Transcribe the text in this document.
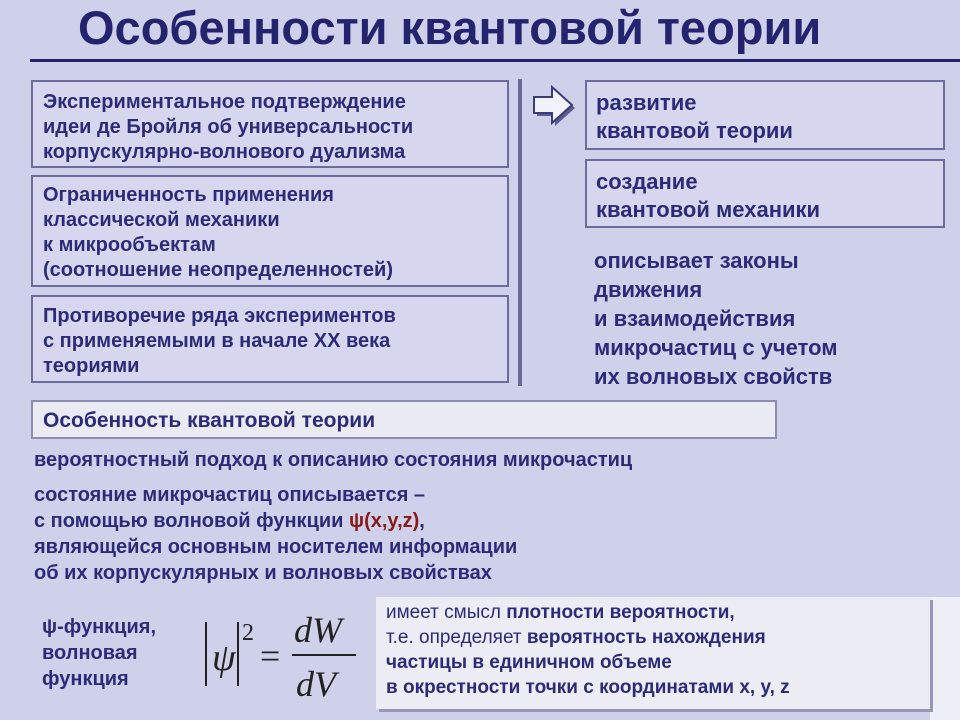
Особенности квантовой теории
Экспериментальное подтверждение
идеи де Бройля об универсальности
корпускулярно-волнового дуализма
Ограниченность применения
классической механики
к микрообъектам
(соотношение неопределенностей)
Противоречие ряда экспериментов
с применяемыми в начале XX века
теориями
развитие
квантовой теории
создание
квантовой механики
описывает законы
движения
и взаимодействия
микрочастиц с учетом
их волновых свойств
Особенность квантовой теории
вероятностный подход к описанию состояния микрочастиц
состояние микрочастиц описывается –
с помощью волновой функции ψ(x,y,z),
являющейся основным носителем информации
об их корпускулярных и волновых свойствах
ψ-функция,
волновая
функция	ψ
2
=
dW
dV
имеет смысл плотности вероятности,
т.е. определяет вероятность нахождения
частицы в единичном объеме
в окрестности точки с координатами x, y, z
